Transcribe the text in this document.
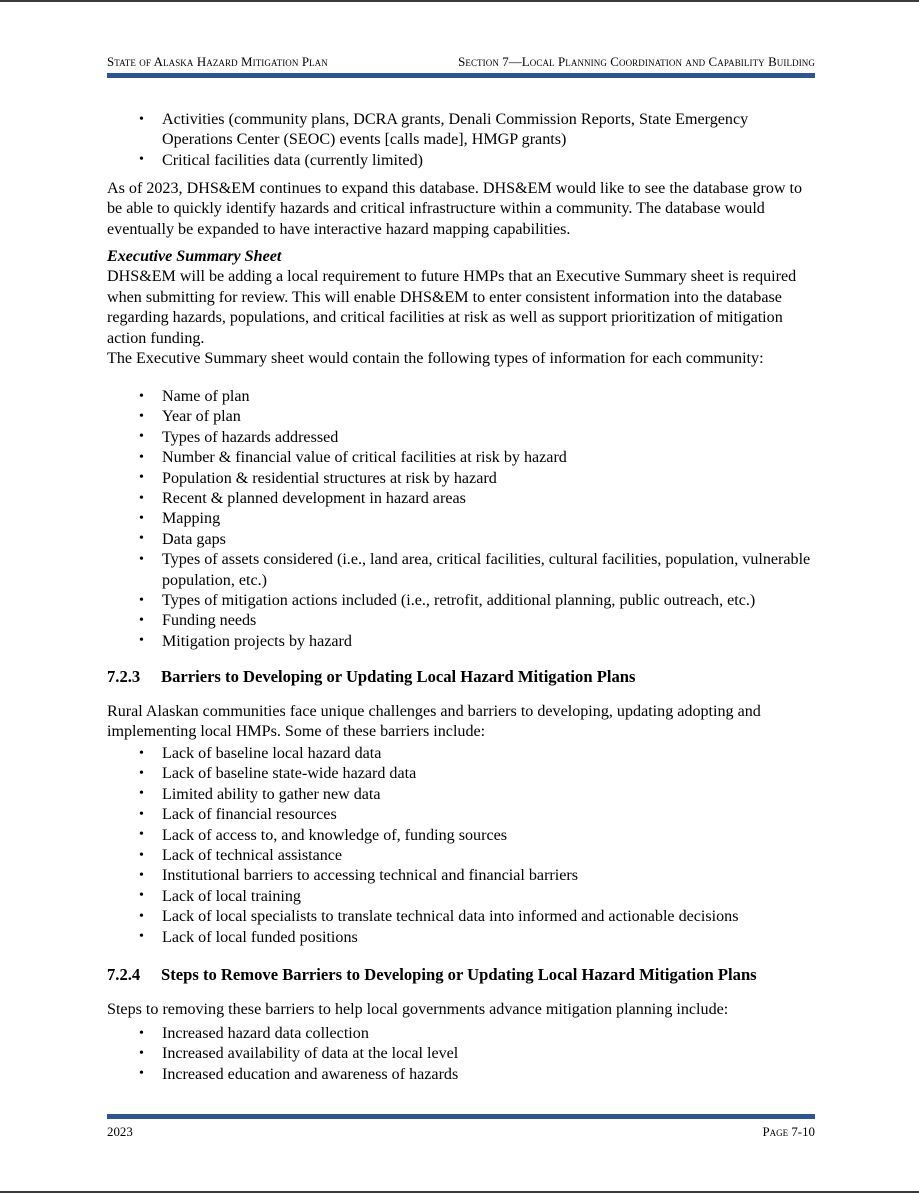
State of Alaska Hazard Mitigation Plan	Section 7—Local Planning Coordination and Capability Building
• Activities (community plans, DCRA grants, Denali Commission Reports, State Emergency Operations Center (SEOC) events [calls made], HMGP grants)
• Critical facilities data (currently limited)

As of 2023, DHS&EM continues to expand this database. DHS&EM would like to see the database grow to be able to quickly identify hazards and critical infrastructure within a community. The database would eventually be expanded to have interactive hazard mapping capabilities.

Executive Summary Sheet

DHS&EM will be adding a local requirement to future HMPs that an Executive Summary sheet is required when submitting for review. This will enable DHS&EM to enter consistent information into the database regarding hazards, populations, and critical facilities at risk as well as support prioritization of mitigation action funding.

The Executive Summary sheet would contain the following types of information for each community:

• Name of plan
• Year of plan
• Types of hazards addressed
• Number & financial value of critical facilities at risk by hazard
• Population & residential structures at risk by hazard
• Recent & planned development in hazard areas
• Mapping
• Data gaps
• Types of assets considered (i.e., land area, critical facilities, cultural facilities, population, vulnerable population, etc.)
• Types of mitigation actions included (i.e., retrofit, additional planning, public outreach, etc.)
• Funding needs
• Mitigation projects by hazard
7.2.3	Barriers to Developing or Updating Local Hazard Mitigation Plans

Rural Alaskan communities face unique challenges and barriers to developing, updating adopting and implementing local HMPs. Some of these barriers include:

• Lack of baseline local hazard data
• Lack of baseline state-wide hazard data
• Limited ability to gather new data
• Lack of financial resources
• Lack of access to, and knowledge of, funding sources
• Lack of technical assistance
• Institutional barriers to accessing technical and financial barriers
• Lack of local training
• Lack of local specialists to translate technical data into informed and actionable decisions
• Lack of local funded positions
7.2.4	Steps to Remove Barriers to Developing or Updating Local Hazard Mitigation Plans

Steps to removing these barriers to help local governments advance mitigation planning include:

• Increased hazard data collection
• Increased availability of data at the local level
• Increased education and awareness of hazards
2023	Page 7-10
